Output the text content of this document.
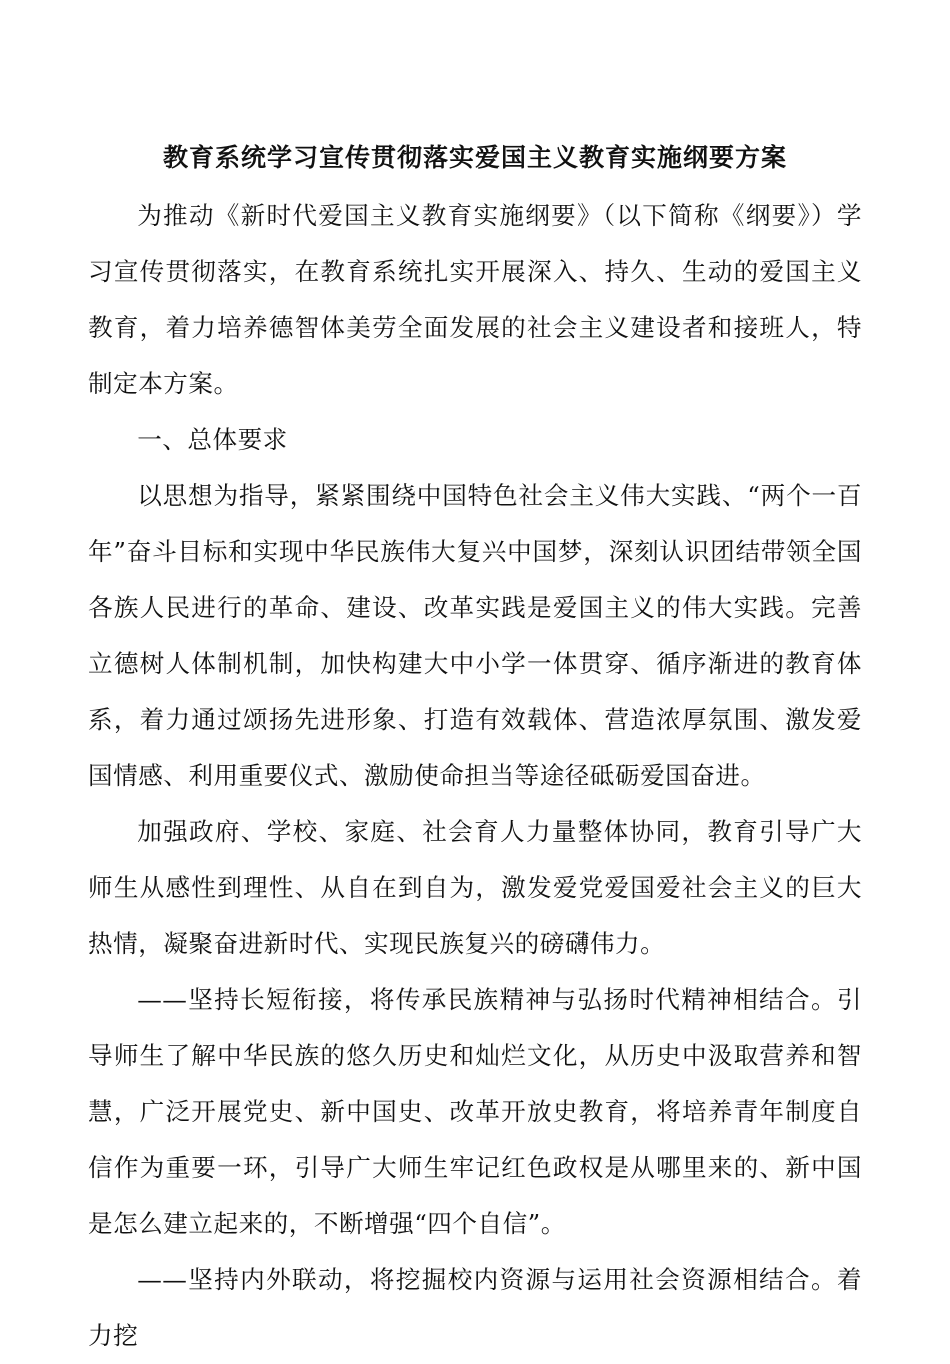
教育系统学习宣传贯彻落实爱国主义教育实施纲要方案

为推动《新时代爱国主义教育实施纲要》（以下简称《纲要》）学习宣传贯彻落实，在教育系统扎实开展深入、持久、生动的爱国主义教育，着力培养德智体美劳全面发展的社会主义建设者和接班人，特制定本方案。

一、总体要求

以思想为指导，紧紧围绕中国特色社会主义伟大实践、“两个一百年”奋斗目标和实现中华民族伟大复兴中国梦，深刻认识团结带领全国各族人民进行的革命、建设、改革实践是爱国主义的伟大实践。完善立德树人体制机制，加快构建大中小学一体贯穿、循序渐进的教育体系，着力通过颂扬先进形象、打造有效载体、营造浓厚氛围、激发爱国情感、利用重要仪式、激励使命担当等途径砥砺爱国奋进。

加强政府、学校、家庭、社会育人力量整体协同，教育引导广大师生从感性到理性、从自在到自为，激发爱党爱国爱社会主义的巨大热情，凝聚奋进新时代、实现民族复兴的磅礴伟力。

——坚持长短衔接，将传承民族精神与弘扬时代精神相结合。引导师生了解中华民族的悠久历史和灿烂文化，从历史中汲取营养和智慧，广泛开展党史、新中国史、改革开放史教育，将培养青年制度自信作为重要一环，引导广大师生牢记红色政权是从哪里来的、新中国是怎么建立起来的，不断增强“四个自信”。

——坚持内外联动，将挖掘校内资源与运用社会资源相结合。着力挖
